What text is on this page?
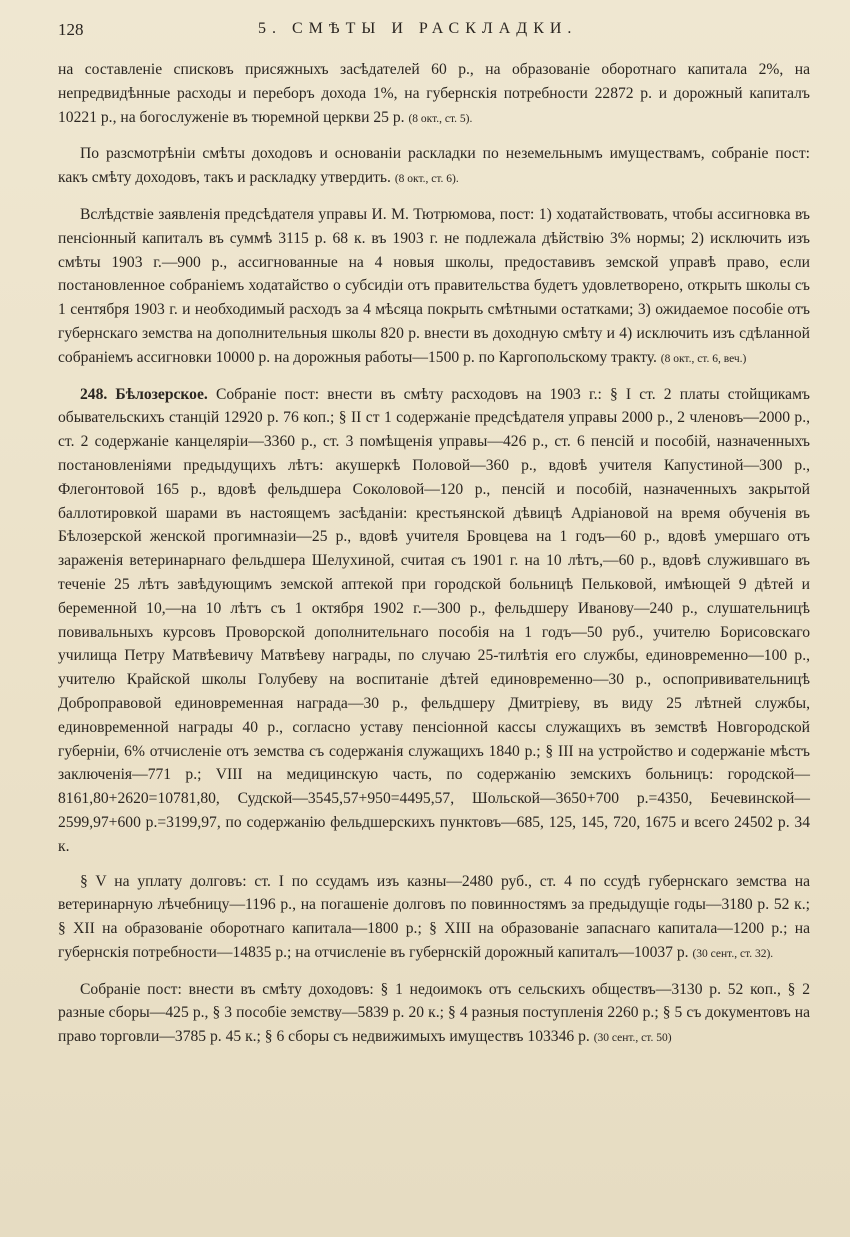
128	5. СМѢТЫ И РАСКЛАДКИ.

на составленіе списковъ присяжныхъ засѣдателей 60 р., на образованіе оборотнаго капитала 2%, на непредвидѣнные расходы и переборъ дохода 1%, на губернскія потребности 22872 р. и дорожный капиталъ 10221 р., на богослуженіе въ тюремной церкви 25 р. (8 окт., ст. 5).

По разсмотрѣніи смѣты доходовъ и основаніи раскладки по неземельнымъ имуществамъ, собраніе пост: какъ смѣту доходовъ, такъ и раскладку утвердить. (8 окт., ст. 6).

Вслѣдствіе заявленія предсѣдателя управы И. М. Тютрюмова, пост: 1) ходатайствовать, чтобы ассигновка въ пенсіонный капиталъ въ суммѣ 3115 р. 68 к. въ 1903 г. не подлежала дѣйствію 3% нормы; 2) исключить изъ смѣты 1903 г.—900 р., ассигнованные на 4 новыя школы, предоставивъ земской управѣ право, если постановленное собраніемъ ходатайство о субсидіи отъ правительства будетъ удовлетворено, открыть школы съ 1 сентября 1903 г. и необходимый расходъ за 4 мѣсяца покрыть смѣтными остатками; 3) ожидаемое пособіе отъ губернскаго земства на дополнительныя школы 820 р. внести въ доходную смѣту и 4) исключить изъ сдѣланной собраніемъ ассигновки 10000 р. на дорожныя работы—1500 р. по Каргопольскому тракту. (8 окт., ст. 6, веч.)

248. Бѣлозерское. Собраніе пост: внести въ смѣту расходовъ на 1903 г.: § I ст. 2 платы стойщикамъ обывательскихъ станцій 12920 р. 76 коп.; § II ст 1 содержаніе предсѣдателя управы 2000 р., 2 членовъ—2000 р., ст. 2 содержаніе канцеляріи—3360 р., ст. 3 помѣщенія управы—426 р., ст. 6 пенсій и пособій, назначенныхъ постановленіями предыдущихъ лѣтъ: акушеркѣ Половой—360 р., вдовѣ учителя Капустиной—300 р., Флегонтовой 165 р., вдовѣ фельдшера Соколовой—120 р., пенсій и пособій, назначенныхъ закрытой баллотировкой шарами въ настоящемъ засѣданіи: крестьянской дѣвицѣ Адріановой на время обученія въ Бѣлозерской женской прогимназіи—25 р., вдовѣ учителя Бровцева на 1 годъ—60 р., вдовѣ умершаго отъ зараженія ветеринарнаго фельдшера Шелухиной, считая съ 1901 г. на 10 лѣтъ,—60 р., вдовѣ служившаго въ теченіе 25 лѣтъ завѣдующимъ земской аптекой при городской больницѣ Пельковой, имѣющей 9 дѣтей и беременной 10,—на 10 лѣтъ съ 1 октября 1902 г.—300 р., фельдшеру Иванову—240 р., слушательницѣ повивальныхъ курсовъ Проворской дополнительнаго пособія на 1 годъ—50 руб., учителю Борисовскаго училища Петру Матвѣевичу Матвѣеву награды, по случаю 25-тилѣтія его службы, единовременно—100 р., учителю Крайской школы Голубеву на воспитаніе дѣтей единовременно—30 р., оспопрививательницѣ Доброправовой единовременная награда—30 р., фельдшеру Дмитріеву, въ виду 25 лѣтней службы, единовременной награды 40 р., согласно уставу пенсіонной кассы служащихъ въ земствѣ Новгородской губерніи, 6% отчисленіе отъ земства съ содержанія служащихъ 1840 р.; § III на устройство и содержаніе мѣстъ заключенія—771 р.; VIII на медицинскую часть, по содержанію земскихъ больницъ: городской—8161,80+2620=10781,80, Судской—3545,57+950=4495,57, Шольской—3650+700 р.=4350, Бечевинской—2599,97+600 р.=3199,97, по содержанію фельдшерскихъ пунктовъ—685, 125, 145, 720, 1675 и всего 24502 р. 34 к.

§ V на уплату долговъ: ст. I по ссудамъ изъ казны—2480 руб., ст. 4 по ссудѣ губернскаго земства на ветеринарную лѣчебницу—1196 р., на погашеніе долговъ по повинностямъ за предыдущіе годы—3180 р. 52 к.; § XII на образованіе оборотнаго капитала—1800 р.; § XIII на образованіе запаснаго капитала—1200 р.; на губернскія потребности—14835 р.; на отчисленіе въ губернскій дорожный капиталъ—10037 р. (30 сент., ст. 32).

Собраніе пост: внести въ смѣту доходовъ: § 1 недоимокъ отъ сельскихъ обществъ—3130 р. 52 коп., § 2 разные сборы—425 р., § 3 пособіе земству—5839 р. 20 к.; § 4 разныя поступленія 2260 р.; § 5 съ документовъ на право торговли—3785 р. 45 к.; § 6 сборы съ недвижимыхъ имуществъ 103346 р. (30 сент., ст. 50)
